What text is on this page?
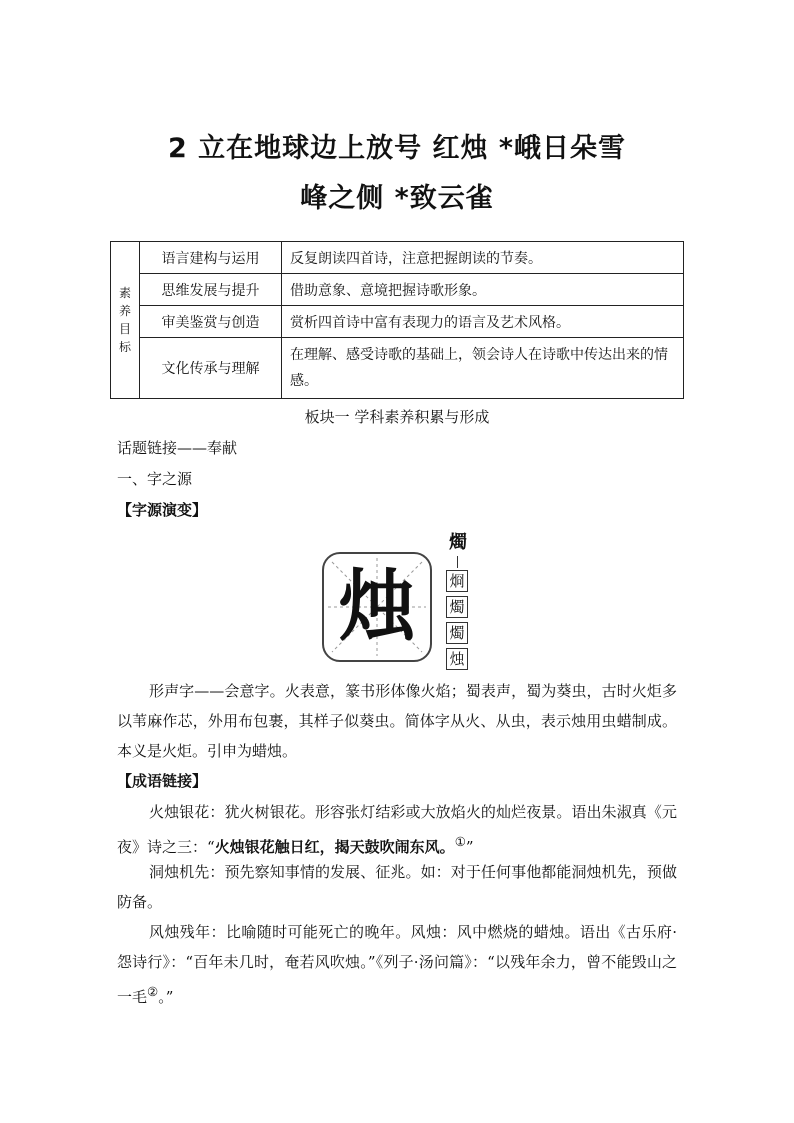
2 立在地球边上放号 红烛 *峨日朵雪
峰之侧 *致云雀
素
养
目
标	语言建构与运用	反复朗读四首诗，注意把握朗读的节奏。
	思维发展与提升	借助意象、意境把握诗歌形象。
	审美鉴赏与创造	赏析四首诗中富有表现力的语言及艺术风格。
	文化传承与理解	在理解、感受诗歌的基础上，领会诗人在诗歌中传达出来的情感。

板块一 学科素养积累与形成

话题链接——奉献

一、字之源

【字源演变】

烛
燭
烱
燭
燭
烛

形声字——会意字。火表意，篆书形体像火焰；蜀表声，蜀为葵虫，古时火炬多以苇麻作芯，外用布包裹，其样子似葵虫。简体字从火、从虫，表示烛用虫蜡制成。本义是火炬。引申为蜡烛。

【成语链接】

火烛银花：犹火树银花。形容张灯结彩或大放焰火的灿烂夜景。语出朱淑真《元夜》诗之三：“火烛银花触日红，揭天鼓吹闹东风。①”

洞烛机先：预先察知事情的发展、征兆。如：对于任何事他都能洞烛机先，预做防备。

风烛残年：比喻随时可能死亡的晚年。风烛：风中燃烧的蜡烛。语出《古乐府·怨诗行》：“百年未几时，奄若风吹烛。”《列子·汤问篇》：“以残年余力，曾不能毁山之一毛②。”
